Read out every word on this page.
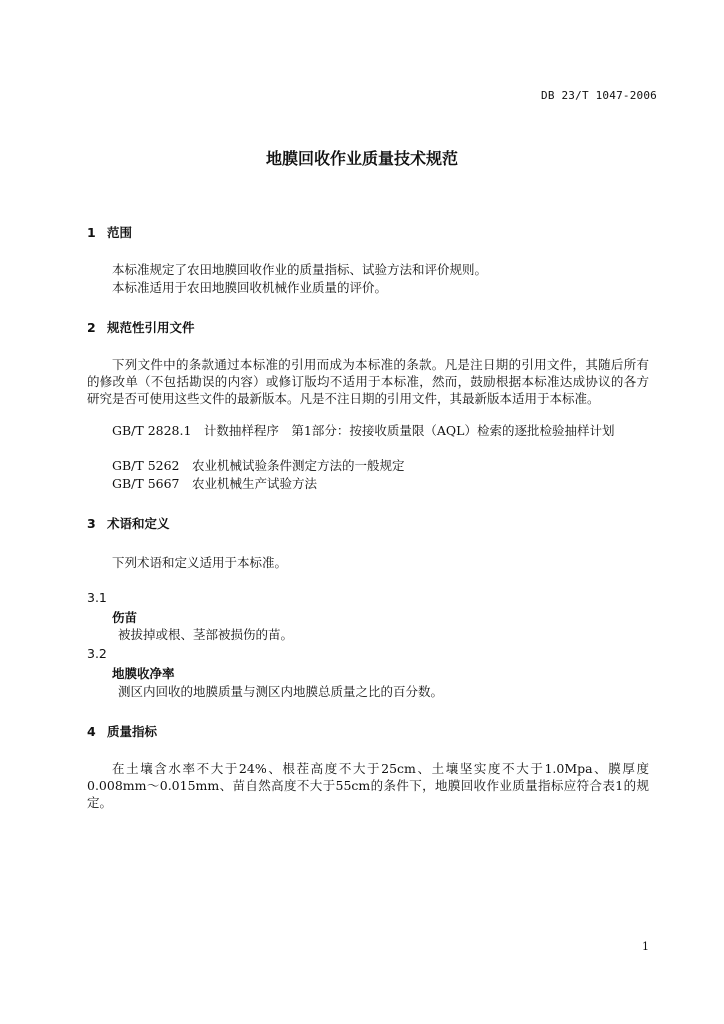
DB 23/T 1047-2006
地膜回收作业质量技术规范
1 范围
本标准规定了农田地膜回收作业的质量指标、试验方法和评价规则。
本标准适用于农田地膜回收机械作业质量的评价。
2 规范性引用文件
下列文件中的条款通过本标准的引用而成为本标准的条款。凡是注日期的引用文件，其随后所有的修改单（不包括勘误的内容）或修订版均不适用于本标准，然而，鼓励根据本标准达成协议的各方研究是否可使用这些文件的最新版本。凡是不注日期的引用文件，其最新版本适用于本标准。
GB/T 2828.1　计数抽样程序　第1部分：按接收质量限（AQL）检索的逐批检验抽样计划
GB/T 5262　农业机械试验条件测定方法的一般规定
GB/T 5667　农业机械生产试验方法
3 术语和定义
下列术语和定义适用于本标准。
3.1
伤苗
被拔掉或根、茎部被损伤的苗。
3.2
地膜收净率
测区内回收的地膜质量与测区内地膜总质量之比的百分数。
4 质量指标
在土壤含水率不大于24%、根茬高度不大于25cm、土壤坚实度不大于1.0Mpa、膜厚度0.008mm～0.015mm、苗自然高度不大于55cm的条件下，地膜回收作业质量指标应符合表1的规定。
1
